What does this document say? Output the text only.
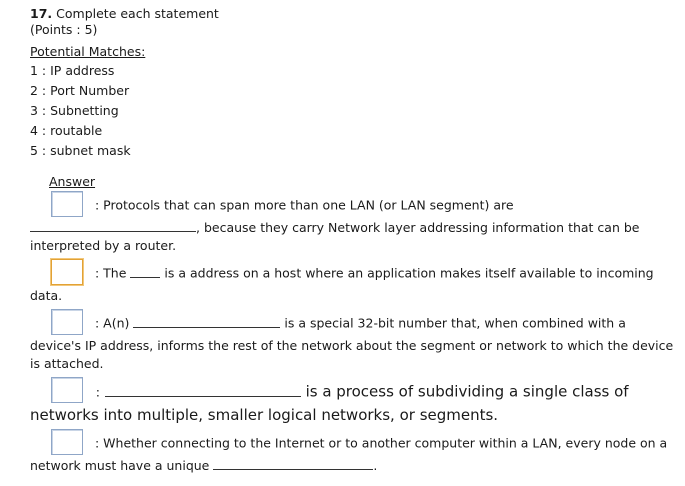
17. Complete each statement
(Points : 5)
Potential Matches:
1 : IP address
2 : Port Number
3 : Subnetting
4 : routable
5 : subnet mask
Answer
: Protocols that can span more than one LAN (or LAN segment) are
, because they carry Network layer addressing information that can be interpreted by a router.
: The	is a address on a host where an application makes itself available to incoming data.
: A(n)	is a special 32-bit number that, when combined with a device's IP address, informs the rest of the network about the segment or network to which the device is attached.
:	is a process of subdividing a single class of networks into multiple, smaller logical networks, or segments.
: Whether connecting to the Internet or to another computer within a LAN, every node on a network must have a unique	.
